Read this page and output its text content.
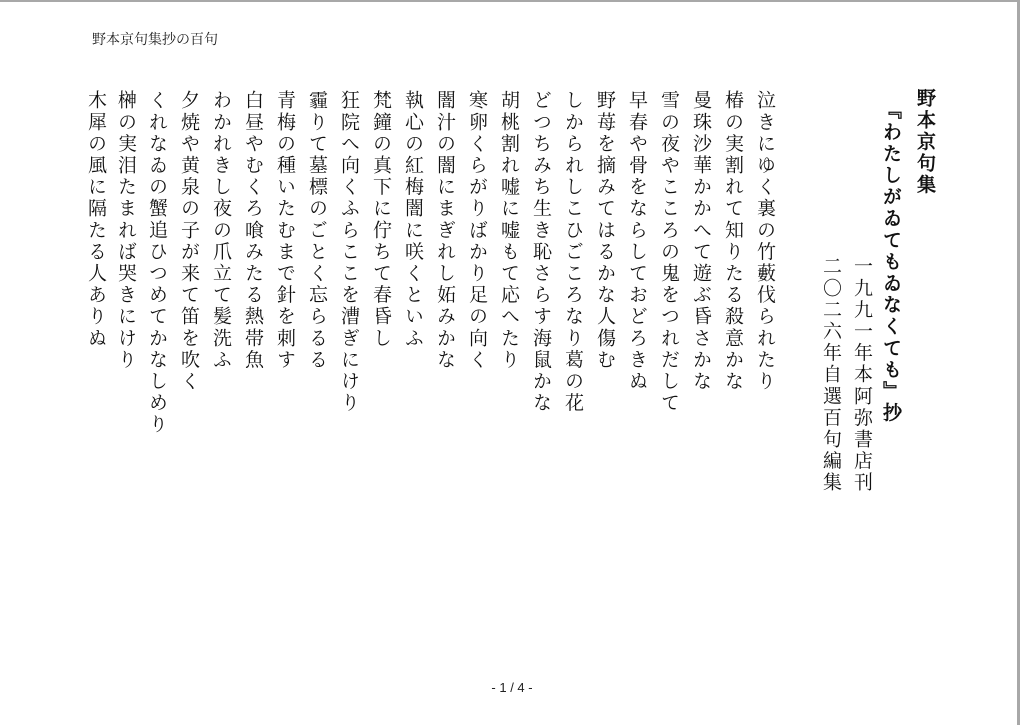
野本京句集抄の百句
野本京句集
『わたしがゐてもゐなくても』抄
一九九一年本阿弥書店刊
二〇二六年自選百句編集
泣きにゆく裏の竹藪伐られたり
椿の実割れて知りたる殺意かな
曼珠沙華かかへて遊ぶ昏さかな
雪の夜やこころの鬼をつれだして
早春や骨をならしておどろきぬ
野苺を摘みてはるかな人傷む
しかられしこひごころなり葛の花
どつちみち生き恥さらす海鼠かな
胡桃割れ嘘に嘘もて応へたり
寒卵くらがりばかり足の向く
闇汁の闇にまぎれし妬みかな
執心の紅梅闇に咲くといふ
梵鐘の真下に佇ちて春昏し
狂院へ向くふらここを漕ぎにけり
霾りて墓標のごとく忘らるる
青梅の種いたむまで針を刺す
白昼やむくろ喰みたる熱帯魚
わかれきし夜の爪立て髪洗ふ
夕焼や黄泉の子が来て笛を吹く
くれなゐの蟹追ひつめてかなしめり
榊の実泪たまれば哭きにけり
木犀の風に隔たる人ありぬ
- 1 / 4 -
